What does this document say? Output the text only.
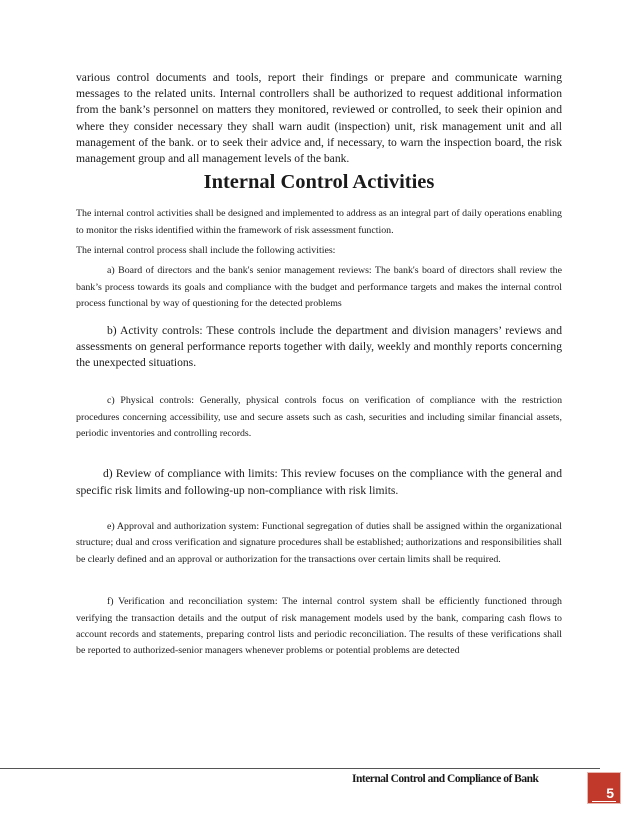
various control documents and tools, report their findings or prepare and communicate warning messages to the related units. Internal controllers shall be authorized to request additional information from the bank’s personnel on matters they monitored, reviewed or controlled, to seek their opinion and where they consider necessary they shall warn audit (inspection) unit, risk management unit and all management of the bank. or to seek their advice and, if necessary, to warn the inspection board, the risk management group and all management levels of the bank.

Internal Control Activities

The internal control activities shall be designed and implemented to address as an integral part of daily operations enabling to monitor the risks identified within the framework of risk assessment function.

The internal control process shall include the following activities:

a) Board of directors and the bank's senior management reviews: The bank's board of directors shall review the bank’s process towards its goals and compliance with the budget and performance targets and makes the internal control process functional by way of questioning for the detected problems

b) Activity controls: These controls include the department and division managers’ reviews and assessments on general performance reports together with daily, weekly and monthly reports concerning the unexpected situations.

c) Physical controls: Generally, physical controls focus on verification of compliance with the restriction procedures concerning accessibility, use and secure assets such as cash, securities and including similar financial assets, periodic inventories and controlling records.

d) Review of compliance with limits: This review focuses on the compliance with the general and specific risk limits and following-up non-compliance with risk limits.

e) Approval and authorization system: Functional segregation of duties shall be assigned within the organizational structure; dual and cross verification and signature procedures shall be established; authorizations and responsibilities shall be clearly defined and an approval or authorization for the transactions over certain limits shall be required.

f) Verification and reconciliation system: The internal control system shall be efficiently functioned through verifying the transaction details and the output of risk management models used by the bank, comparing cash flows to account records and statements, preparing control lists and periodic reconciliation. The results of these verifications shall be reported to authorized-senior managers whenever problems or potential problems are detected

Internal Control and Compliance of Bank
5
